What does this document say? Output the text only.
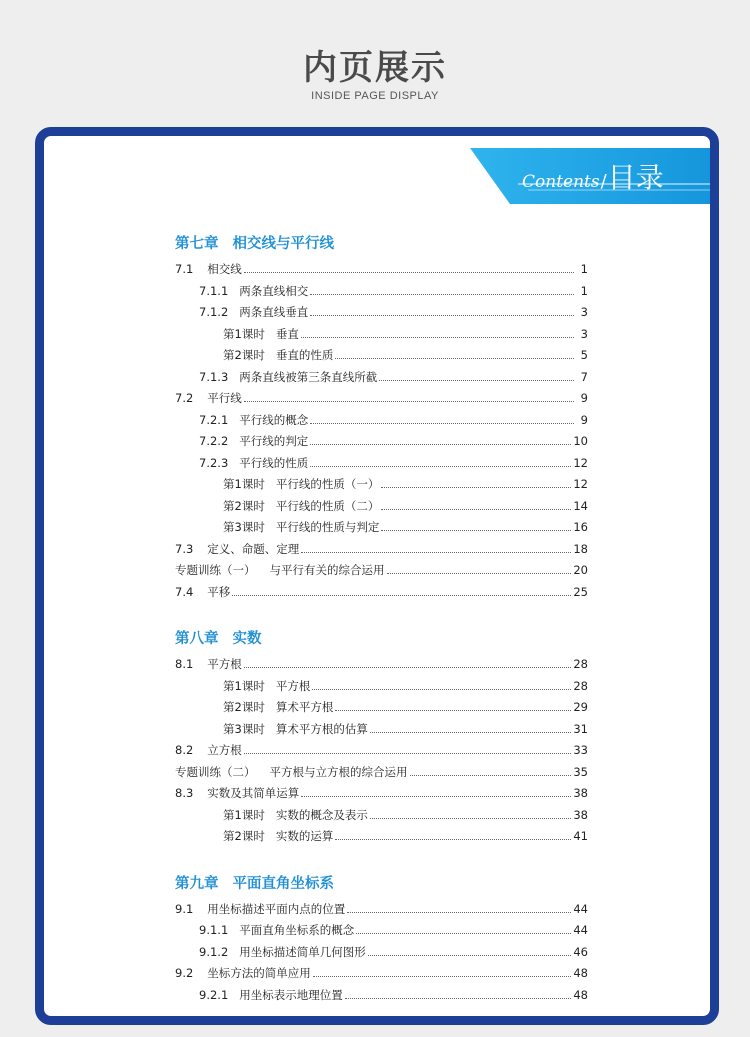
内页展示
INSIDE PAGE DISPLAY
Contents / 目录
第七章 相交线与平行线
7.1 相交线	1
7.1.1 两条直线相交	1
7.1.2 两条直线垂直	3
第1课时 垂直	3
第2课时 垂直的性质	5
7.1.3 两条直线被第三条直线所截	7
7.2 平行线	9
7.2.1 平行线的概念	9
7.2.2 平行线的判定	10
7.2.3 平行线的性质	12
第1课时 平行线的性质（一）	12
第2课时 平行线的性质（二）	14
第3课时 平行线的性质与判定	16
7.3 定义、命题、定理	18
专题训练（一） 与平行有关的综合运用	20
7.4 平移	25
第八章 实数
8.1 平方根	28
第1课时 平方根	28
第2课时 算术平方根	29
第3课时 算术平方根的估算	31
8.2 立方根	33
专题训练（二） 平方根与立方根的综合运用	35
8.3 实数及其简单运算	38
第1课时 实数的概念及表示	38
第2课时 实数的运算	41
第九章 平面直角坐标系
9.1 用坐标描述平面内点的位置	44
9.1.1 平面直角坐标系的概念	44
9.1.2 用坐标描述简单几何图形	46
9.2 坐标方法的简单应用	48
9.2.1 用坐标表示地理位置	48
